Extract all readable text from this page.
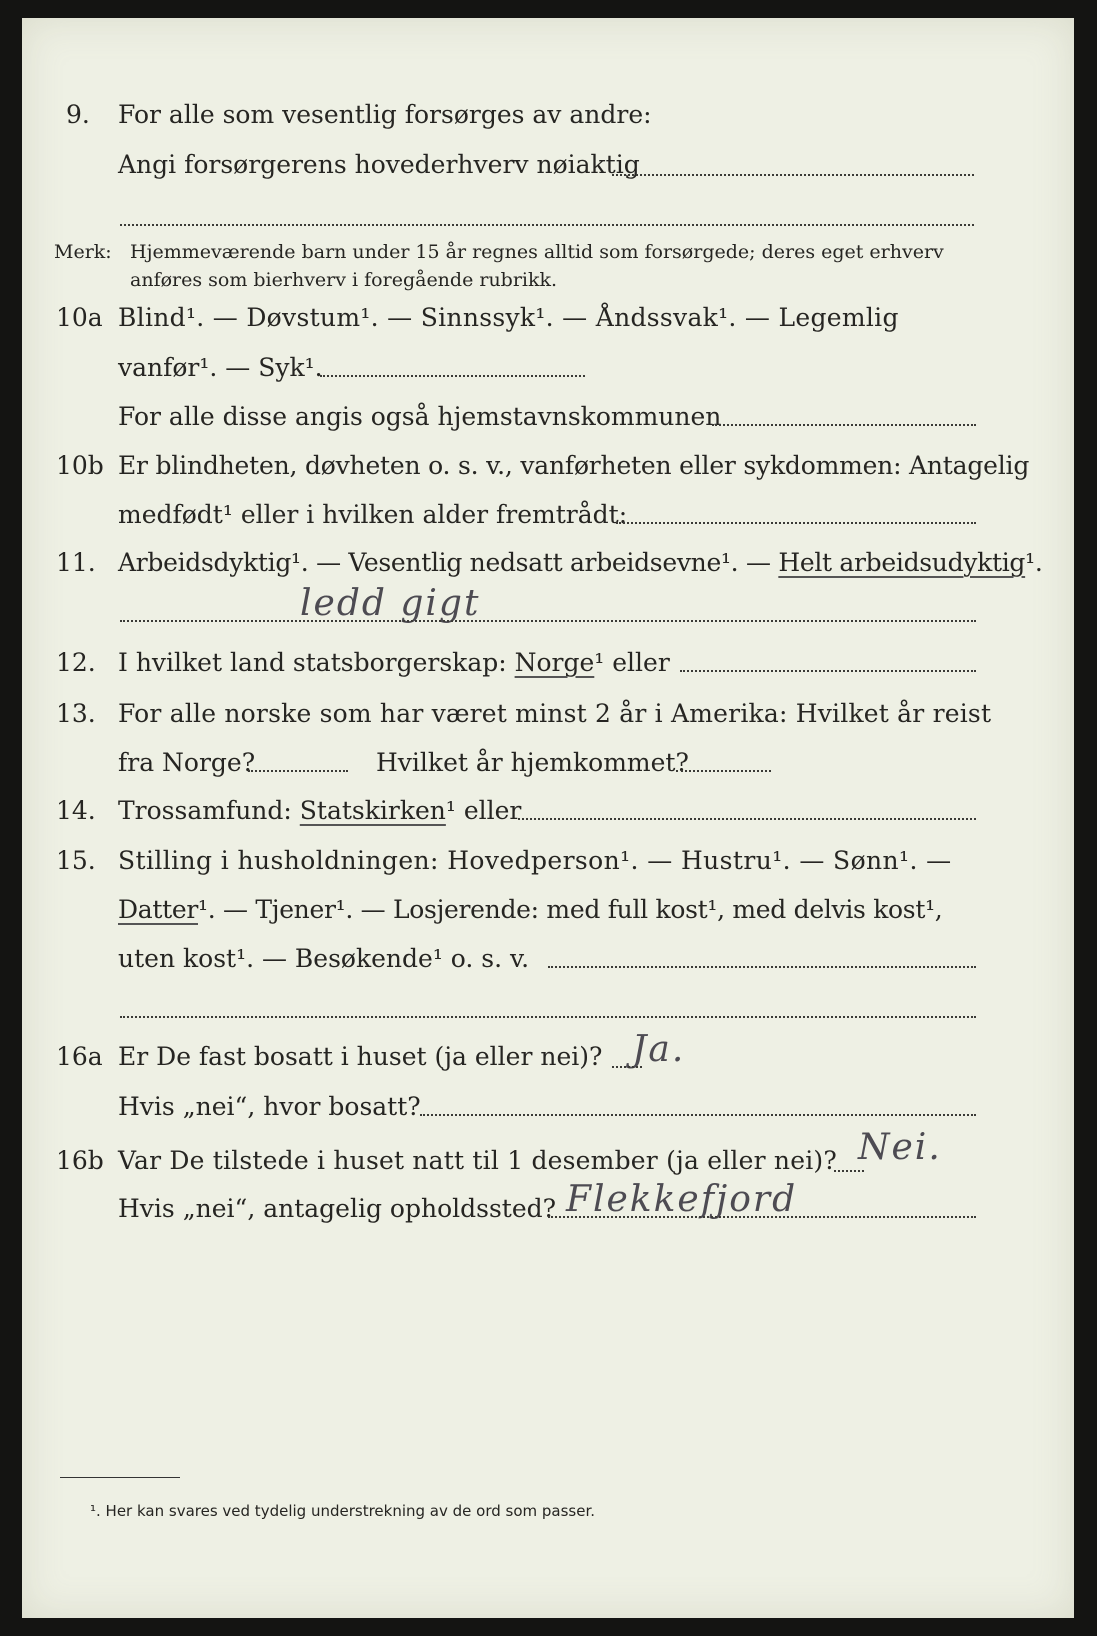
9. For alle som vesentlig forsørges av andre:
Angi forsørgerens hovederhverv nøiaktig
Merk: Hjemmeværende barn under 15 år regnes alltid som forsørgede; deres eget erhverv
anføres som bierhverv i foregående rubrikk.
10a Blind¹. — Døvstum¹. — Sinnssyk¹. — Åndssvak¹. — Legemlig
vanfør¹. — Syk¹.
For alle disse angis også hjemstavnskommunen
10b Er blindheten, døvheten o. s. v., vanførheten eller sykdommen: Antagelig
medfødt¹ eller i hvilken alder fremtrådt:
11. Arbeidsdyktig¹. — Vesentlig nedsatt arbeidsevne¹. — Helt arbeidsudyktig¹.
ledd gigt
12. I hvilket land statsborgerskap: Norge¹ eller
13. For alle norske som har været minst 2 år i Amerika: Hvilket år reist
fra Norge?	Hvilket år hjemkommet?
14. Trossamfund: Statskirken¹ eller
15. Stilling i husholdningen: Hovedperson¹. — Hustru¹. — Sønn¹. —
Datter¹. — Tjener¹. — Losjerende: med full kost¹, med delvis kost¹,
uten kost¹. — Besøkende¹ o. s. v.
16a Er De fast bosatt i huset (ja eller nei)? Ja.
Hvis „nei“, hvor bosatt?
16b Var De tilstede i huset natt til 1 desember (ja eller nei)? Nei.
Hvis „nei“, antagelig opholdssted? Flekkefjord
¹. Her kan svares ved tydelig understrekning av de ord som passer.
